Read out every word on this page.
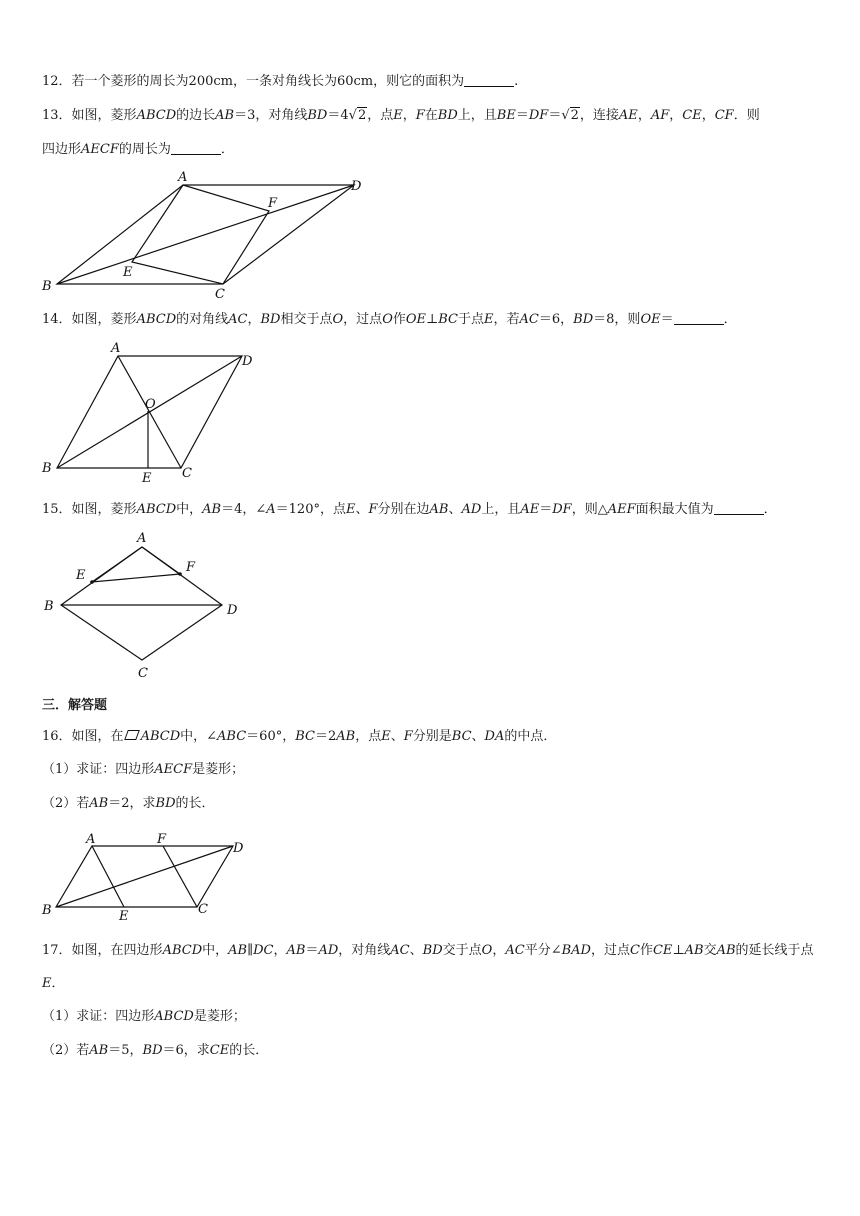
12．若一个菱形的周长为200cm，一条对角线长为60cm，则它的面积为	.
13．如图，菱形ABCD的边长AB＝3，对角线BD＝4√2，点E，F在BD上，且BE＝DF＝√2，连接AE，AF，CE，CF．则
四边形AECF的周长为	．
A
B
C
D
E
F
14．如图，菱形ABCD的对角线AC，BD相交于点O，过点O作OE⊥BC于点E，若AC＝6，BD＝8，则OE＝	．
A
B	C
D
E
O
15．如图，菱形ABCD中，AB＝4，∠A＝120°，点E、F分别在边AB、AD上，且AE＝DF，则△AEF面积最大值为	．
A
B
C
D
E
F
三．解答题
16．如图，在 ABCD中，∠ABC＝60°，BC＝2AB，点E、F分别是BC、DA的中点．
（1）求证：四边形AECF是菱形；
（2）若AB＝2，求BD的长．
A
B	C
D
E
F
17．如图，在四边形ABCD中，AB∥DC，AB＝AD，对角线AC、BD交于点O，AC平分∠BAD，过点C作CE⊥AB交AB的延长线于点
E．
（1）求证：四边形ABCD是菱形；
（2）若AB＝5，BD＝6，求CE的长．
